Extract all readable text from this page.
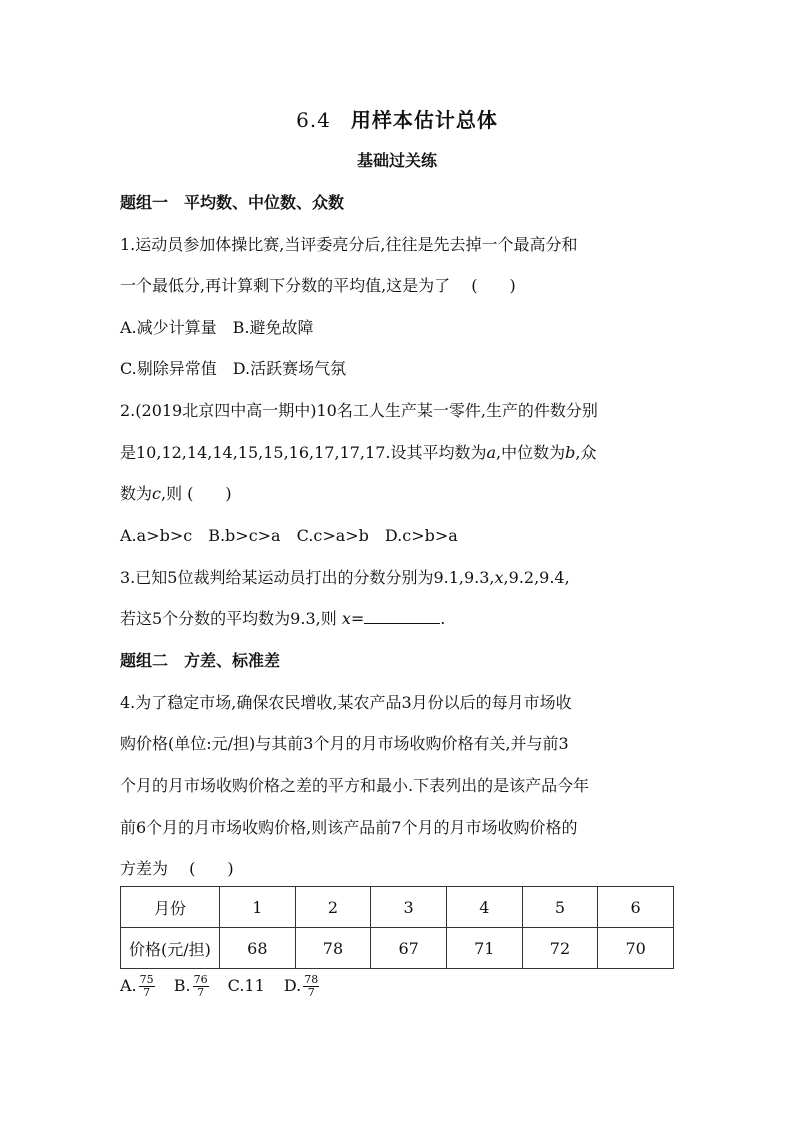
6.4 用样本估计总体
基础过关练
题组一　平均数、中位数、众数
1.运动员参加体操比赛,当评委亮分后,往往是先去掉一个最高分和
一个最低分,再计算剩下分数的平均值,这是为了　 (　　)
A.减少计算量　B.避免故障
C.剔除异常值　D.活跃赛场气氛
2.(2019北京四中高一期中)10名工人生产某一零件,生产的件数分别
是10,12,14,14,15,15,16,17,17,17.设其平均数为a,中位数为b,众
数为c,则 (　　)
A.a>b>c　B.b>c>a　C.c>a>b　D.c>b>a
3.已知5位裁判给某运动员打出的分数分别为9.1,9.3,x,9.2,9.4,
若这5个分数的平均数为9.3,则 x=	.
题组二　方差、标准差
4.为了稳定市场,确保农民增收,某农产品3月份以后的每月市场收
购价格(单位:元/担)与其前3个月的月市场收购价格有关,并与前3
个月的月市场收购价格之差的平方和最小.下表列出的是该产品今年
前6个月的月市场收购价格,则该产品前7个月的月市场收购价格的
方差为　 (　　)
月份	1	2	3	4	5	6
价格(元/担)	68	78	67	71	72	70
A. $\frac{75}{7} B$. $\frac{76}{7} C.11$ D. $\frac{78}{7}$
